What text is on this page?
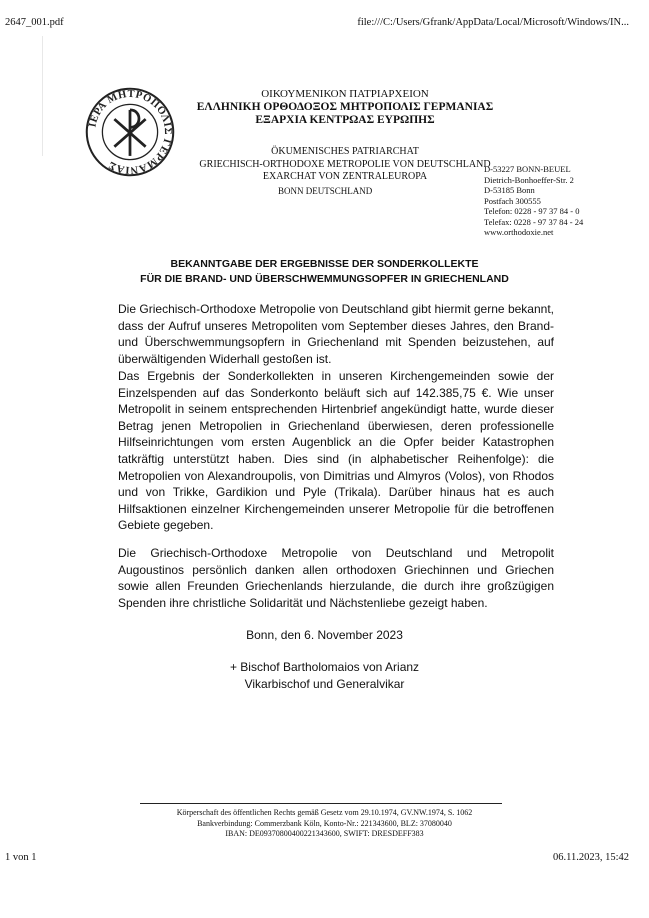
2647_001.pdf	file:///C:/Users/Gfrank/AppData/Local/Microsoft/Windows/IN...
ΙΕΡΑ ΜΗΤΡΟΠΟΛΙΣ ΓΕΡΜΑΝΙΑΣ
ΟΙΚΟΥΜΕΝΙΚΟΝ ΠΑΤΡΙΑΡΧΕΙΟΝ
ΕΛΛΗΝΙΚΗ ΟΡΘΟΔΟΞΟΣ ΜΗΤΡΟΠΟΛΙΣ ΓΕΡΜΑΝΙΑΣ
ΕΞΑΡΧΙΑ ΚΕΝΤΡΩΑΣ ΕΥΡΩΠΗΣ
ÖKUMENISCHES PATRIARCHAT
GRIECHISCH-ORTHODOXE METROPOLIE VON DEUTSCHLAND
EXARCHAT VON ZENTRALEUROPA
BONN DEUTSCHLAND
D-53227 BONN-BEUEL
Dietrich-Bonhoeffer-Str. 2
D-53185 Bonn
Postfach 300555
Telefon: 0228 - 97 37 84 - 0
Telefax: 0228 - 97 37 84 - 24
www.orthodoxie.net
BEKANNTGABE DER ERGEBNISSE DER SONDERKOLLEKTE
FÜR DIE BRAND- UND ÜBERSCHWEMMUNGSOPFER IN GRIECHENLAND
Die Griechisch-Orthodoxe Metropolie von Deutschland gibt hiermit gerne bekannt, dass der Aufruf unseres Metropoliten vom September dieses Jahres, den Brand- und Überschwemmungsopfern in Griechenland mit Spenden beizustehen, auf überwältigenden Widerhall gestoßen ist.
Das Ergebnis der Sonderkollekten in unseren Kirchengemeinden sowie der Einzelspenden auf das Sonderkonto beläuft sich auf 142.385,75 €. Wie unser Metropolit in seinem entsprechenden Hirtenbrief angekündigt hatte, wurde dieser Betrag jenen Metropolien in Griechenland überwiesen, deren professionelle Hilfseinrichtungen vom ersten Augenblick an die Opfer beider Katastrophen tatkräftig unterstützt haben. Dies sind (in alphabetischer Reihenfolge): die Metropolien von Alexandroupolis, von Dimitrias und Almyros (Volos), von Rhodos und von Trikke, Gardikion und Pyle (Trikala). Darüber hinaus hat es auch Hilfsaktionen einzelner Kirchengemeinden unserer Metropolie für die betroffenen Gebiete gegeben.
Die Griechisch-Orthodoxe Metropolie von Deutschland und Metropolit Augoustinos persönlich danken allen orthodoxen Griechinnen und Griechen sowie allen Freunden Griechenlands hierzulande, die durch ihre großzügigen Spenden ihre christliche Solidarität und Nächstenliebe gezeigt haben.
Bonn, den 6. November 2023
+ Bischof Bartholomaios von Arianz
Vikarbischof und Generalvikar
Körperschaft des öffentlichen Rechts gemäß Gesetz vom 29.10.1974, GV.NW.1974, S. 1062
Bankverbindung: Commerzbank Köln, Konto-Nr.: 221343600, BLZ: 37080040
IBAN: DE09370800400221343600, SWIFT: DRESDEFF383
1 von 1	06.11.2023, 15:42
